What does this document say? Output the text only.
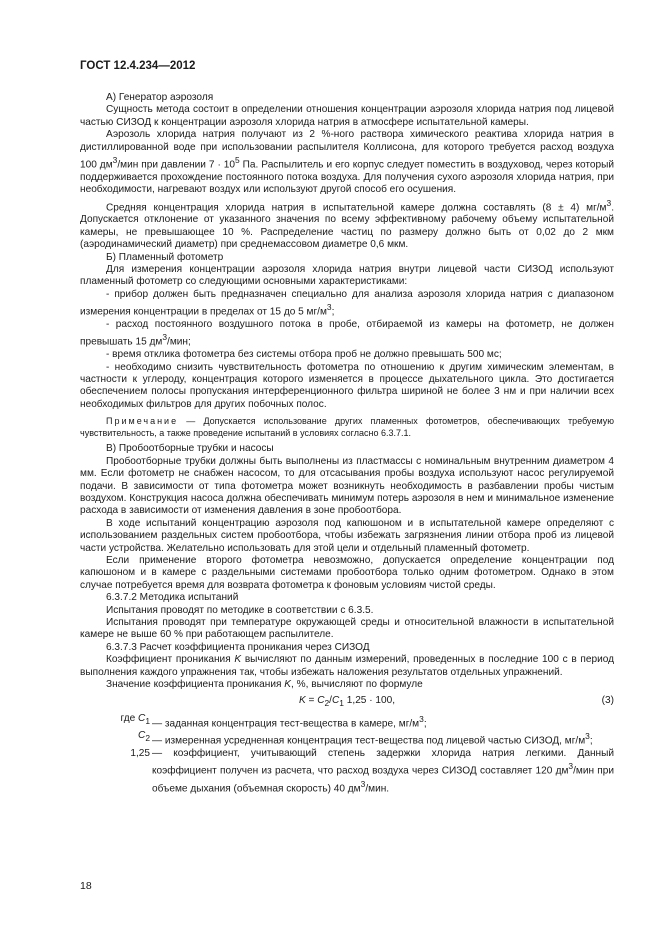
ГОСТ 12.4.234—2012

А) Генератор аэрозоля

Сущность метода состоит в определении отношения концентрации аэрозоля хлорида натрия под лицевой частью СИЗОД к концентрации аэрозоля хлорида натрия в атмосфере испытательной камеры.

Аэрозоль хлорида натрия получают из 2 %-ного раствора химического реактива хлорида натрия в дистиллированной воде при использовании распылителя Коллисона, для которого требуется расход воздуха 100 $дм^3$/мин при давлении $7 \cdot 10^5$ Па. Распылитель и его корпус следует поместить в воздуховод, через который поддерживается прохождение постоянного потока воздуха. Для получения сухого аэрозоля хлорида натрия, при необходимости, нагревают воздух или используют другой способ его осушения.

Средняя концентрация хлорида натрия в испытательной камере должна составлять (8 ± 4) $мг/м^3$. Допускается отклонение от указанного значения по всему эффективному рабочему объему испытательной камеры, не превышающее 10 %. Распределение частиц по размеру должно быть от 0,02 до 2 мкм (аэродинамический диаметр) при среднемассовом диаметре 0,6 мкм.

Б) Пламенный фотометр

Для измерения концентрации аэрозоля хлорида натрия внутри лицевой части СИЗОД используют пламенный фотометр со следующими основными характеристиками:

- прибор должен быть предназначен специально для анализа аэрозоля хлорида натрия с диапазоном измерения концентрации в пределах от 15 до 5 $мг/м^3$;

- расход постоянного воздушного потока в пробе, отбираемой из камеры на фотометр, не должен превышать 15 $дм^3$/мин;

- время отклика фотометра без системы отбора проб не должно превышать 500 мс;

- необходимо снизить чувствительность фотометра по отношению к другим химическим элементам, в частности к углероду, концентрация которого изменяется в процессе дыхательного цикла. Это достигается обеспечением полосы пропускания интерференционного фильтра шириной не более 3 нм и при наличии всех необходимых фильтров для других побочных полос.

Примечание — Допускается использование других пламенных фотометров, обеспечивающих требуемую чувствительность, а также проведение испытаний в условиях согласно 6.3.7.1.

В) Пробоотборные трубки и насосы

Пробоотборные трубки должны быть выполнены из пластмассы с номинальным внутренним диаметром 4 мм. Если фотометр не снабжен насосом, то для отсасывания пробы воздуха используют насос регулируемой подачи. В зависимости от типа фотометра может возникнуть необходимость в разбавлении пробы чистым воздухом. Конструкция насоса должна обеспечивать минимум потерь аэрозоля в нем и минимальное изменение расхода в зависимости от изменения давления в зоне пробоотбора.

В ходе испытаний концентрацию аэрозоля под капюшоном и в испытательной камере определяют с использованием раздельных систем пробоотбора, чтобы избежать загрязнения линии отбора проб из лицевой части устройства. Желательно использовать для этой цели и отдельный пламенный фотометр.

Если применение второго фотометра невозможно, допускается определение концентрации под капюшоном и в камере с раздельными системами пробоотбора только одним фотометром. Однако в этом случае потребуется время для возврата фотометра к фоновым условиям чистой среды.

6.3.7.2 Методика испытаний

Испытания проводят по методике в соответствии с 6.3.5.

Испытания проводят при температуре окружающей среды и относительной влажности в испытательной камере не выше 60 % при работающем распылителе.

6.3.7.3 Расчет коэффициента проникания через СИЗОД

Коэффициент проникания K вычисляют по данным измерений, проведенных в последние 100 с в период выполнения каждого упражнения так, чтобы избежать наложения результатов отдельных упражнений.

Значение коэффициента проникания K, %, вычисляют по формуле

$K = C_2/C_1$ 1,25 · 100,	(3)
где $C_1$ — заданная концентрация тест-вещества в камере, $мг/м^3$;
$C_2$ — измеренная усредненная концентрация тест-вещества под лицевой частью СИЗОД, $мг/м^3$;
1,25 — коэффициент, учитывающий степень задержки хлорида натрия легкими. Данный коэффициент получен из расчета, что расход воздуха через СИЗОД составляет 120 $дм^3$/мин при объеме дыхания (объемная скорость) 40 $дм^3$/мин.
18
